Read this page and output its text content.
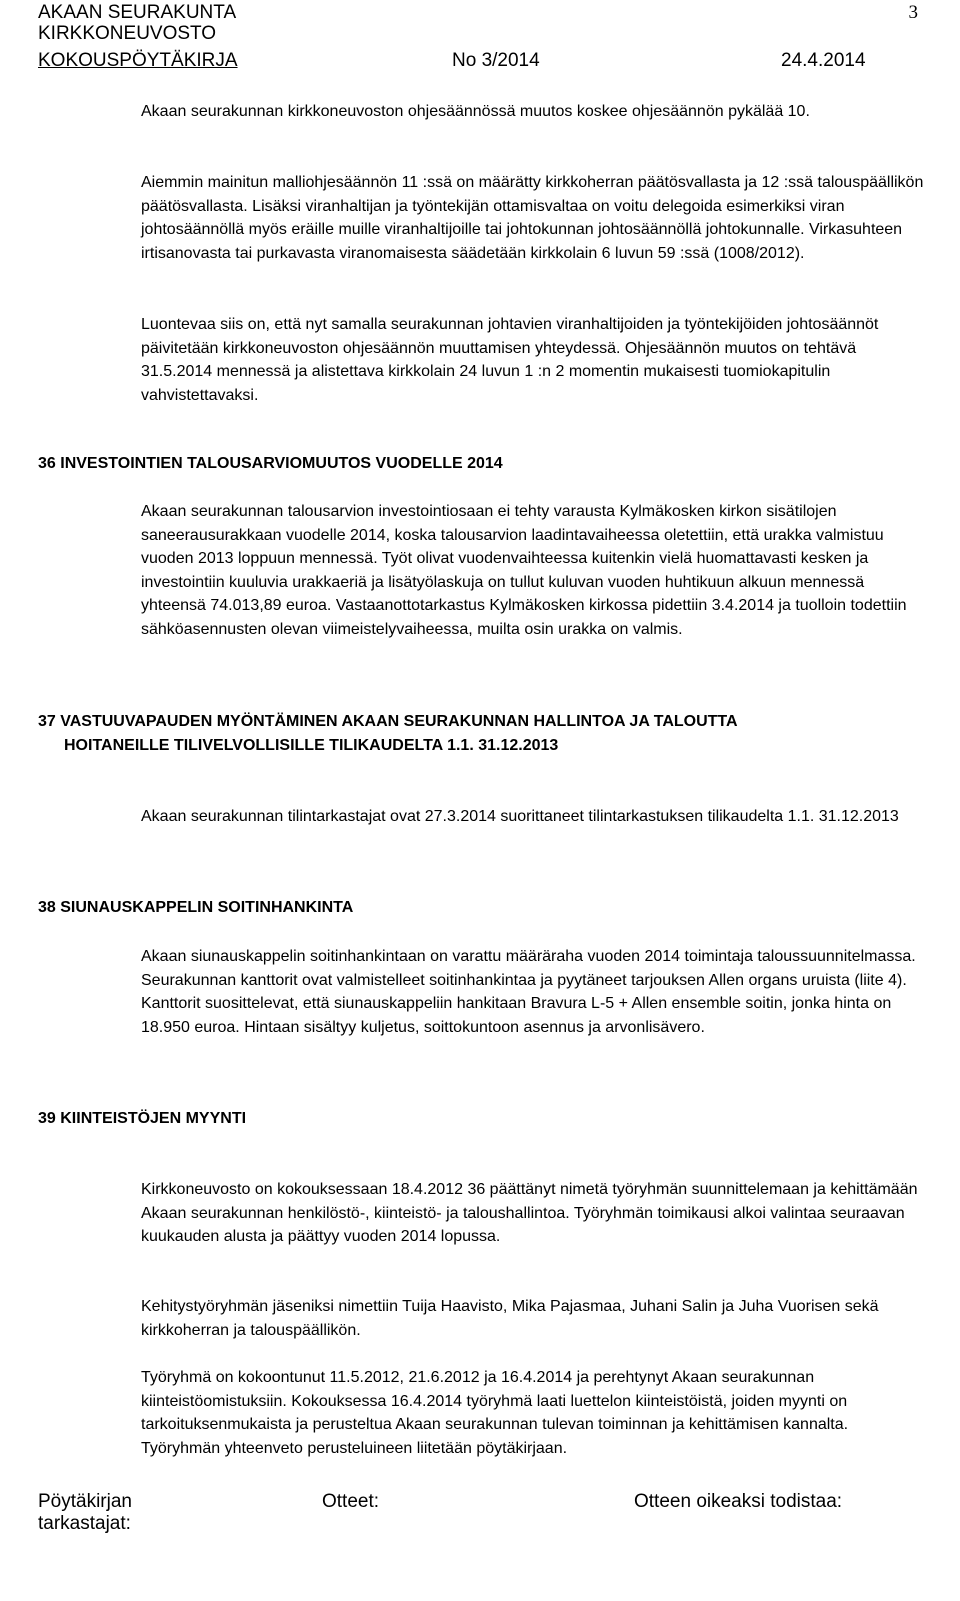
AKAAN SEURAKUNTA
KIRKKONEUVOSTO
KOKOUSPÖYTÄKIRJA	No 3/2014	24.4.2014
3

Akaan seurakunnan kirkkoneuvoston ohjesäännössä muutos koskee ohjesäännön pykälää 10.

Aiemmin mainitun malliohjesäännön 11 :ssä on määrätty kirkkoherran päätösvallasta ja 12 :ssä talouspäällikön päätösvallasta. Lisäksi viranhaltijan ja työntekijän ottamisvaltaa on voitu delegoida esimerkiksi viran johtosäännöllä myös eräille muille viranhaltijoille tai johtokunnan johtosäännöllä johtokunnalle. Virkasuhteen irtisanovasta tai purkavasta viranomaisesta säädetään kirkkolain 6 luvun 59 :ssä (1008/2012).

Luontevaa siis on, että nyt samalla seurakunnan johtavien viranhaltijoiden ja työntekijöiden johtosäännöt päivitetään kirkkoneuvoston ohjesäännön muuttamisen yhteydessä. Ohjesäännön muutos on tehtävä 31.5.2014 mennessä ja alistettava kirkkolain 24 luvun 1 :n 2 momentin mukaisesti tuomiokapitulin vahvistettavaksi.

36 INVESTOINTIEN TALOUSARVIOMUUTOS VUODELLE 2014

Akaan seurakunnan talousarvion investointiosaan ei tehty varausta Kylmäkosken kirkon sisätilojen saneerausurakkaan vuodelle 2014, koska talousarvion laadintavaiheessa oletettiin, että urakka valmistuu vuoden 2013 loppuun mennessä. Työt olivat vuodenvaihteessa kuitenkin vielä huomattavasti kesken ja investointiin kuuluvia urakkaeriä ja lisätyölaskuja on tullut kuluvan vuoden huhtikuun alkuun mennessä yhteensä 74.013,89 euroa. Vastaanottotarkastus Kylmäkosken kirkossa pidettiin 3.4.2014 ja tuolloin todettiin sähköasennusten olevan viimeistelyvaiheessa, muilta osin urakka on valmis.

37 VASTUUVAPAUDEN MYÖNTÄMINEN AKAAN SEURAKUNNAN HALLINTOA JA TALOUTTA
HOITANEILLE TILIVELVOLLISILLE TILIKAUDELTA 1.1. 31.12.2013

Akaan seurakunnan tilintarkastajat ovat 27.3.2014 suorittaneet tilintarkastuksen tilikaudelta 1.1. 31.12.2013

38 SIUNAUSKAPPELIN SOITINHANKINTA

Akaan siunauskappelin soitinhankintaan on varattu määräraha vuoden 2014 toimintaja taloussuunnitelmassa. Seurakunnan kanttorit ovat valmistelleet soitinhankintaa ja pyytäneet tarjouksen Allen organs uruista (liite 4). Kanttorit suosittelevat, että siunauskappeliin hankitaan Bravura L-5 + Allen ensemble soitin, jonka hinta on 18.950 euroa. Hintaan sisältyy kuljetus, soittokuntoon asennus ja arvonlisävero.

39 KIINTEISTÖJEN MYYNTI

Kirkkoneuvosto on kokouksessaan 18.4.2012 36 päättänyt nimetä työryhmän suunnittelemaan ja kehittämään Akaan seurakunnan henkilöstö-, kiinteistö- ja taloushallintoa. Työryhmän toimikausi alkoi valintaa seuraavan kuukauden alusta ja päättyy vuoden 2014 lopussa.

Kehitystyöryhmän jäseniksi nimettiin Tuija Haavisto, Mika Pajasmaa, Juhani Salin ja Juha Vuorisen sekä kirkkoherran ja talouspäällikön.

Työryhmä on kokoontunut 11.5.2012, 21.6.2012 ja 16.4.2014 ja perehtynyt Akaan seurakunnan kiinteistöomistuksiin. Kokouksessa 16.4.2014 työryhmä laati luettelon kiinteistöistä, joiden myynti on tarkoituksenmukaista ja perusteltua Akaan seurakunnan tulevan toiminnan ja kehittämisen kannalta. Työryhmän yhteenveto perusteluineen liitetään pöytäkirjaan.

Pöytäkirjan tarkastajat:
Otteet:	Otteen oikeaksi todistaa:
